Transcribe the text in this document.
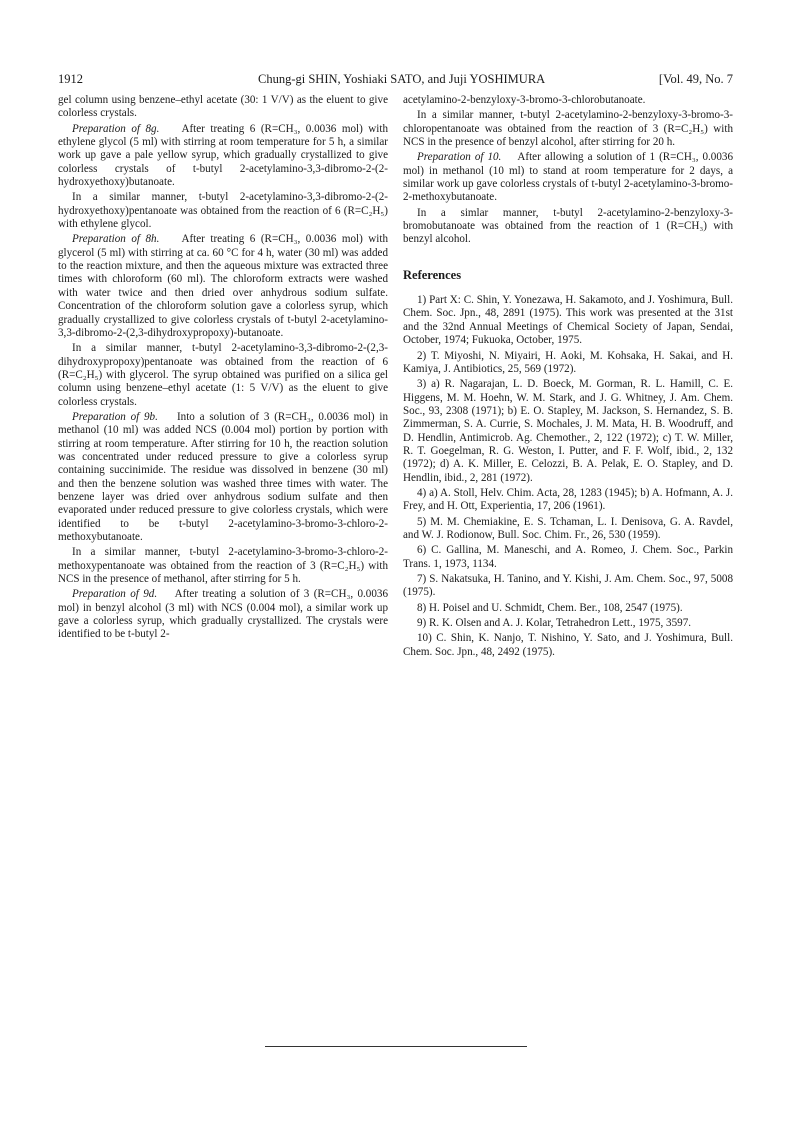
1912	Chung-gi SHIN, Yoshiaki SATO, and Juji YOSHIMURA	[Vol. 49, No. 7

gel column using benzene–ethyl acetate (30: 1 V/V) as the eluent to give colorless crystals.

Preparation of 8g. After treating 6 (R=CH₃, 0.0036 mol) with ethylene glycol (5 ml) with stirring at room temperature for 5 h, a similar work up gave a pale yellow syrup, which gradually crystallized to give colorless crystals of t-butyl 2-acetylamino-3,3-dibromo-2-(2-hydroxyethoxy)butanoate.

In a similar manner, t-butyl 2-acetylamino-3,3-dibromo-2-(2-hydroxyethoxy)pentanoate was obtained from the reaction of 6 (R=C₂H₅) with ethylene glycol.

Preparation of 8h. After treating 6 (R=CH₃, 0.0036 mol) with glycerol (5 ml) with stirring at ca. 60 °C for 4 h, water (30 ml) was added to the reaction mixture, and then the aqueous mixture was extracted three times with chloroform (60 ml). The chloroform extracts were washed with water twice and then dried over anhydrous sodium sulfate. Concentration of the chloroform solution gave a colorless syrup, which gradually crystallized to give colorless crystals of t-butyl 2-acetylamino-3,3-dibromo-2-(2,3-dihydroxypropoxy)-butanoate.

In a similar manner, t-butyl 2-acetylamino-3,3-dibromo-2-(2,3-dihydroxypropoxy)pentanoate was obtained from the reaction of 6 (R=C₂H₅) with glycerol. The syrup obtained was purified on a silica gel column using benzene–ethyl acetate (1: 5 V/V) as the eluent to give colorless crystals.

Preparation of 9b. Into a solution of 3 (R=CH₃, 0.0036 mol) in methanol (10 ml) was added NCS (0.004 mol) portion by portion with stirring at room temperature. After stirring for 10 h, the reaction solution was concentrated under reduced pressure to give a colorless syrup containing succinimide. The residue was dissolved in benzene (30 ml) and then the benzene solution was washed three times with water. The benzene layer was dried over anhydrous sodium sulfate and then evaporated under reduced pressure to give colorless crystals, which were identified to be t-butyl 2-acetylamino-3-bromo-3-chloro-2-methoxybutanoate.

In a similar manner, t-butyl 2-acetylamino-3-bromo-3-chloro-2-methoxypentanoate was obtained from the reaction of 3 (R=C₂H₅) with NCS in the presence of methanol, after stirring for 5 h.

Preparation of 9d. After treating a solution of 3 (R=CH₃, 0.0036 mol) in benzyl alcohol (3 ml) with NCS (0.004 mol), a similar work up gave a colorless syrup, which gradually crystallized. The crystals were identified to be t-butyl 2-

acetylamino-2-benzyloxy-3-bromo-3-chlorobutanoate.

In a similar manner, t-butyl 2-acetylamino-2-benzyloxy-3-bromo-3-chloropentanoate was obtained from the reaction of 3 (R=C₂H₅) with NCS in the presence of benzyl alcohol, after stirring for 20 h.

Preparation of 10. After allowing a solution of 1 (R=CH₃, 0.0036 mol) in methanol (10 ml) to stand at room temperature for 2 days, a similar work up gave colorless crystals of t-butyl 2-acetylamino-3-bromo-2-methoxybutanoate.

In a simlar manner, t-butyl 2-acetylamino-2-benzyloxy-3-bromobutanoate was obtained from the reaction of 1 (R=CH₃) with benzyl alcohol.

References

1) Part X: C. Shin, Y. Yonezawa, H. Sakamoto, and J. Yoshimura, Bull. Chem. Soc. Jpn., 48, 2891 (1975). This work was presented at the 31st and the 32nd Annual Meetings of Chemical Society of Japan, Sendai, October, 1974; Fukuoka, October, 1975.

2) T. Miyoshi, N. Miyairi, H. Aoki, M. Kohsaka, H. Sakai, and H. Kamiya, J. Antibiotics, 25, 569 (1972).

3) a) R. Nagarajan, L. D. Boeck, M. Gorman, R. L. Hamill, C. E. Higgens, M. M. Hoehn, W. M. Stark, and J. G. Whitney, J. Am. Chem. Soc., 93, 2308 (1971); b) E. O. Stapley, M. Jackson, S. Hernandez, S. B. Zimmerman, S. A. Currie, S. Mochales, J. M. Mata, H. B. Woodruff, and D. Hendlin, Antimicrob. Ag. Chemother., 2, 122 (1972); c) T. W. Miller, R. T. Goegelman, R. G. Weston, I. Putter, and F. F. Wolf, ibid., 2, 132 (1972); d) A. K. Miller, E. Celozzi, B. A. Pelak, E. O. Stapley, and D. Hendlin, ibid., 2, 281 (1972).

4) a) A. Stoll, Helv. Chim. Acta, 28, 1283 (1945); b) A. Hofmann, A. J. Frey, and H. Ott, Experientia, 17, 206 (1961).

5) M. M. Chemiakine, E. S. Tchaman, L. I. Denisova, G. A. Ravdel, and W. J. Rodionow, Bull. Soc. Chim. Fr., 26, 530 (1959).

6) C. Gallina, M. Maneschi, and A. Romeo, J. Chem. Soc., Parkin Trans. 1, 1973, 1134.

7) S. Nakatsuka, H. Tanino, and Y. Kishi, J. Am. Chem. Soc., 97, 5008 (1975).

8) H. Poisel and U. Schmidt, Chem. Ber., 108, 2547 (1975).

9) R. K. Olsen and A. J. Kolar, Tetrahedron Lett., 1975, 3597.

10) C. Shin, K. Nanjo, T. Nishino, Y. Sato, and J. Yoshimura, Bull. Chem. Soc. Jpn., 48, 2492 (1975).
